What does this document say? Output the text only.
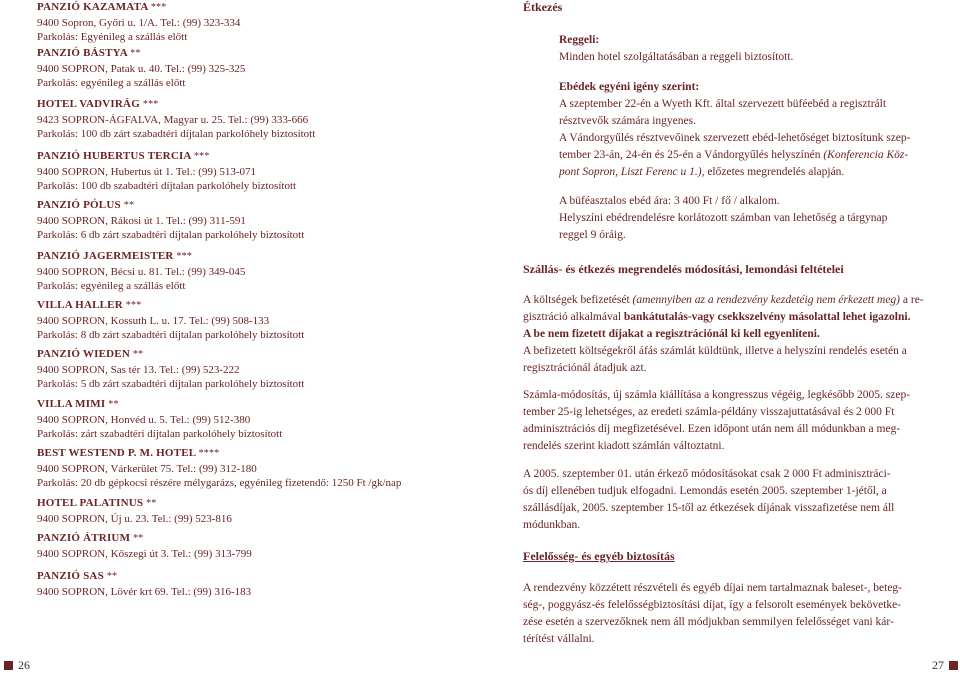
PANZIÓ KAZAMATA ***
9400 Sopron, Győri u. 1/A. Tel.: (99) 323-334
Parkolás: Egyénileg a szállás előtt
PANZIÓ BÁSTYA **
9400 SOPRON, Patak u. 40. Tel.: (99) 325-325
Parkolás: egyénileg a szállás előtt
HOTEL VADVIRÁG ***
9423 SOPRON-ÁGFALVA, Magyar u. 25. Tel.: (99) 333-666
Parkolás: 100 db zárt szabadtéri díjtalan parkolóhely biztosított
PANZIÓ HUBERTUS TERCIA ***
9400 SOPRON, Hubertus út 1. Tel.: (99) 513-071
Parkolás: 100 db szabadtéri díjtalan parkolóhely biztosított
PANZIÓ PÓLUS **
9400 SOPRON, Rákosi út 1. Tel.: (99) 311-591
Parkolás: 6 db zárt szabadtéri díjtalan parkolóhely biztosított
PANZIÓ JAGERMEISTER ***
9400 SOPRON, Bécsi u. 81. Tel.: (99) 349-045
Parkolás: egyénileg a szállás előtt
VILLA HALLER ***
9400 SOPRON, Kossuth L. u. 17. Tel.: (99) 508-133
Parkolás: 8 db zárt szabadtéri díjtalan parkolóhely biztosított
PANZIÓ WIEDEN **
9400 SOPRON, Sas tér 13. Tel.: (99) 523-222
Parkolás: 5 db zárt szabadtéri díjtalan parkolóhely biztosított
VILLA MIMI **
9400 SOPRON, Honvéd u. 5. Tel.: (99) 512-380
Parkolás: zárt szabadtéri díjtalan parkolóhely biztosított
BEST WESTEND P. M. HOTEL ****
9400 SOPRON, Várkerület 75. Tel.: (99) 312-180
Parkolás: 20 db gépkocsi részére mélygarázs, egyénileg fizetendő: 1250 Ft /gk/nap
HOTEL PALATINUS **
9400 SOPRON, Új u. 23. Tel.: (99) 523-816
PANZIÓ ÁTRIUM **
9400 SOPRON, Kőszegi út 3. Tel.: (99) 313-799
PANZIÓ SAS **
9400 SOPRON, Lövér krt 69. Tel.: (99) 316-183
Étkezés
Reggeli:
Minden hotel szolgáltatásában a reggeli biztosított.
Ebédek egyéni igény szerint:
A szeptember 22-én a Wyeth Kft. által szervezett büféebéd a regisztrált
résztvevők számára ingyenes.
A Vándorgyűlés résztvevőinek szervezett ebéd-lehetőséget biztosítunk szep-
tember 23-án, 24-én és 25-én a Vándorgyűlés helyszínén (Konferencia Köz-
pont Sopron, Liszt Ferenc u 1.), előzetes megrendelés alapján.
A büféasztalos ebéd ára: 3 400 Ft / fő / alkalom.
Helyszíni ebédrendelésre korlátozott számban van lehetőség a tárgynap
reggel 9 óráig.
Szállás- és étkezés megrendelés módosítási, lemondási feltételei
A költségek befizetését (amennyiben az a rendezvény kezdetéig nem érkezett meg) a re-
gisztráció alkalmával bankátutalás-vagy csekkszelvény másolattal lehet igazolni.
A be nem fizetett díjakat a regisztrációnál ki kell egyenlíteni.
A befizetett költségekről áfás számlát küldtünk, illetve a helyszíni rendelés esetén a
regisztrációnál átadjuk azt.
Számla-módosítás, új számla kiállítása a kongresszus végéig, legkésőbb 2005. szep-
tember 25-ig lehetséges, az eredeti számla-példány visszajuttatásával és 2 000 Ft
adminisztrációs díj megfizetésével. Ezen időpont után nem áll módunkban a meg-
rendelés szerint kiadott számlán változtatni.
A 2005. szeptember 01. után érkező módosításokat csak 2 000 Ft adminisztráci-
ós díj ellenében tudjuk elfogadni. Lemondás esetén 2005. szeptember 1-jétől, a
szállásdíjak, 2005. szeptember 15-től az étkezések díjának visszafizetése nem áll
módunkban.
Felelősség- és egyéb biztosítás
A rendezvény közzétett részvételi és egyéb díjai nem tartalmaznak baleset-, beteg-
ség-, poggyász-és felelősségbiztosítási díjat, így a felsorolt események bekövetke-
zése esetén a szervezőknek nem áll módjukban semmilyen felelősséget vani kár-
térítést vállalni.
26	27
